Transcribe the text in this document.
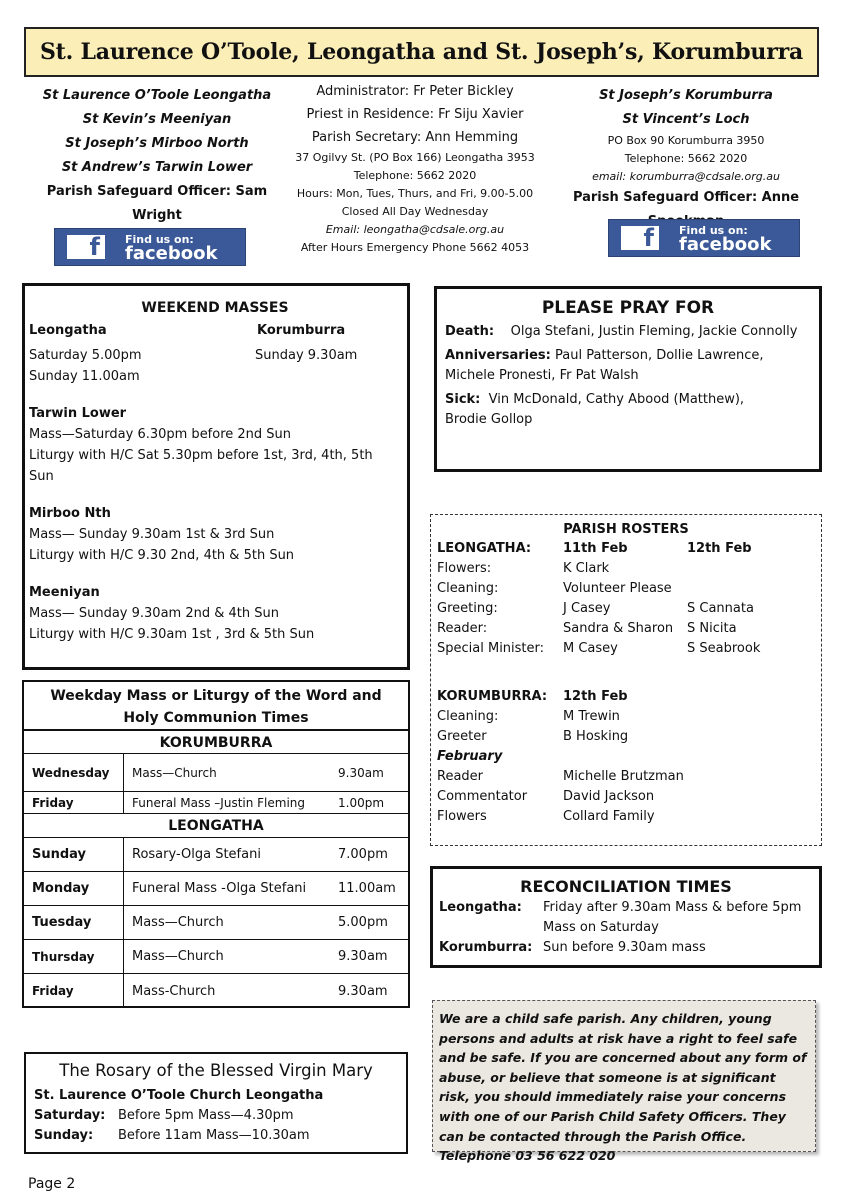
St. Laurence O’Toole, Leongatha and St. Joseph’s, Korumburra
St Laurence O’Toole Leongatha
St Kevin’s Meeniyan
St Joseph’s Mirboo North
St Andrew’s Tarwin Lower
Parish Safeguard Officer: Sam Wright
Administrator: Fr Peter Bickley
Priest in Residence: Fr Siju Xavier
Parish Secretary: Ann Hemming
37 Ogilvy St. (PO Box 166) Leongatha 3953
Telephone: 5662 2020
Hours: Mon, Tues, Thurs, and Fri, 9.00-5.00
Closed All Day Wednesday
Email: leongatha@cdsale.org.au
After Hours Emergency Phone 5662 4053
St Joseph’s Korumburra
St Vincent’s Loch
PO Box 90 Korumburra 3950
Telephone: 5662 2020
email: korumburra@cdsale.org.au
Parish Safeguard Officer: Anne
f Find us on:
facebook
f Find us on:
facebook
WEEKEND MASSES
Leongatha	Korumburra
Saturday 5.00pm	Sunday 9.30am
Sunday 11.00am
Tarwin Lower
Mass—Saturday 6.30pm before 2nd Sun
Liturgy with H/C Sat 5.30pm before 1st, 3rd, 4th, 5th Sun
Mirboo Nth
Mass— Sunday 9.30am 1st & 3rd Sun
Liturgy with H/C 9.30 2nd, 4th & 5th Sun
Meeniyan
Mass— Sunday 9.30am 2nd & 4th Sun
Liturgy with H/C 9.30am 1st , 3rd & 5th Sun
PLEASE PRAY FOR
Death: Olga Stefani, Justin Fleming, Jackie Connolly
Anniversaries: Paul Patterson, Dollie Lawrence,
Michele Pronesti, Fr Pat Walsh
Sick: Vin McDonald, Cathy Abood (Matthew),
Brodie Gollop
PARISH ROSTERS
LEONGATHA:	11th Feb	12th Feb
Flowers:	K Clark
Cleaning:	Volunteer Please
Greeting:	J Casey	S Cannata
Reader:	Sandra & Sharon	S Nicita
Special Minister:	M Casey	S Seabrook
KORUMBURRA:	12th Feb
Cleaning:	M Trewin
Greeter	B Hosking
February
Reader	Michelle Brutzman
Commentator	David Jackson
Flowers	Collard Family
Weekday Mass or Liturgy of the Word and
Holy Communion Times
KORUMBURRA
Wednesday	Mass—Church	9.30am
Friday	Funeral Mass –Justin Fleming	1.00pm
LEONGATHA
Sunday	Rosary-Olga Stefani	7.00pm
Monday	Funeral Mass -Olga Stefani	11.00am
Tuesday	Mass—Church	5.00pm
Thursday	Mass—Church	9.30am
Friday	Mass-Church	9.30am
RECONCILIATION TIMES
Leongatha:	Friday after 9.30am Mass & before 5pm
Mass on Saturday
Korumburra: Sun before 9.30am mass

We are a child safe parish. Any children, young persons and adults at risk have a right to feel safe and be safe. If you are concerned about any form of abuse, or believe that someone is at significant risk, you should immediately raise your concerns with one of our Parish Child Safety Officers. They can be contacted through the Parish Office. Telephone 03 56 622 020

The Rosary of the Blessed Virgin Mary
St. Laurence O’Toole Church Leongatha
Saturday: Before 5pm Mass—4.30pm
Sunday:	Before 11am Mass—10.30am
Page 2
